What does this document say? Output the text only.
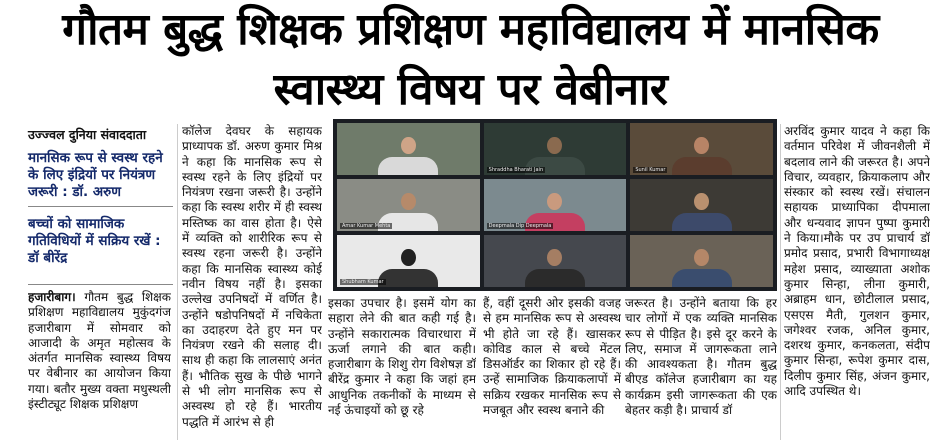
गौतम बुद्ध शिक्षक प्रशिक्षण महाविद्यालय में मानसिक
स्वास्थ्य विषय पर वेबीनार
उज्ज्वल दुनिया संवाददाता
मानसिक रूप से स्वस्थ रहने के लिए इंद्रियों पर नियंत्रण जरूरी : डॉ. अरुण
बच्चों को सामाजिक गतिविधियों में सक्रिय रखें : डॉ बीरेंद्र
हजारीबाग। गौतम बुद्ध शिक्षक प्रशिक्षण महाविद्यालय मुकुंदगंज हजारीबाग में सोमवार को आजादी के अमृत महोत्सव के अंतर्गत मानसिक स्वास्थ्य विषय पर वेबीनार का आयोजन किया गया। बतौर मुख्य वक्ता मधुस्थली इंस्टीट्यूट शिक्षक प्रशिक्षण
कॉलेज देवघर के सहायक प्राध्यापक डॉ. अरुण कुमार मिश्र ने कहा कि मानसिक रूप से स्वस्थ रहने के लिए इंद्रियों पर नियंत्रण रखना जरूरी है। उन्होंने कहा कि स्वस्थ शरीर में ही स्वस्थ मस्तिष्क का वास होता है। ऐसे में व्यक्ति को शारीरिक रूप से स्वस्थ रहना जरूरी है। उन्होंने कहा कि मानसिक स्वास्थ्य कोई नवीन विषय नहीं है। इसका उल्लेख उपनिषदों में वर्णित है। उन्होंने षडोपनिषदों में नचिकेता का उदाहरण देते हुए मन पर नियंत्रण रखने की सलाह दी। साथ ही कहा कि लालसाएं अनंत हैं। भौतिक सुख के पीछे भागने से भी लोग मानसिक रूप से अस्वस्थ हो रहे हैं। भारतीय पद्धति में आरंभ से ही
Shraddha Bharati Jain	Sunil Kumar
Amar Kumar Mehta	Deepmala Dip Deepmala
Shubham Kumar
इसका उपचार है। इसमें योग का सहारा लेने की बात कही गई है। उन्होंने सकारात्मक विचारधारा में ऊर्जा लगाने की बात कही। हजारीबाग के शिशु रोग विशेषज्ञ डॉ बीरेंद्र कुमार ने कहा कि जहां हम आधुनिक तकनीकों के माध्यम से नई ऊंचाइयों को छू रहे
हैं, वहीं दूसरी ओर इसकी वजह से हम मानसिक रूप से अस्वस्थ भी होते जा रहे हैं। खासकर कोविड काल से बच्चे मेंटल डिसऑर्डर का शिकार हो रहे हैं। उन्हें सामाजिक क्रियाकलापों में सक्रिय रखकर मानसिक रूप से मजबूत और स्वस्थ बनाने की
जरूरत है। उन्होंने बताया कि हर चार लोगों में एक व्यक्ति मानसिक रूप से पीड़ित है। इसे दूर करने के लिए, समाज में जागरूकता लाने की आवश्यकता है। गौतम बुद्ध बीएड कॉलेज हजारीबाग का यह कार्यक्रम इसी जागरूकता की एक बेहतर कड़ी है। प्राचार्य डॉ
अरविंद कुमार यादव ने कहा कि वर्तमान परिवेश में जीवनशैली में बदलाव लाने की जरूरत है। अपने विचार, व्यवहार, क्रियाकलाप और संस्कार को स्वस्थ रखें। संचालन सहायक प्राध्यापिका दीपमाला और धन्यवाद ज्ञापन पुष्पा कुमारी ने किया।मौके पर उप प्राचार्य डॉ प्रमोद प्रसाद, प्रभारी विभागाध्यक्ष महेश प्रसाद, व्याख्याता अशोक कुमार सिन्हा, लीना कुमारी, अब्राहम धान, छोटीलाल प्रसाद, एसएस मैती, गुलशन कुमार, जगेश्वर रजक, अनिल कुमार, दशरथ कुमार, कनकलता, संदीप कुमार सिन्हा, रूपेश कुमार दास, दिलीप कुमार सिंह, अंजन कुमार, आदि उपस्थित थे।
